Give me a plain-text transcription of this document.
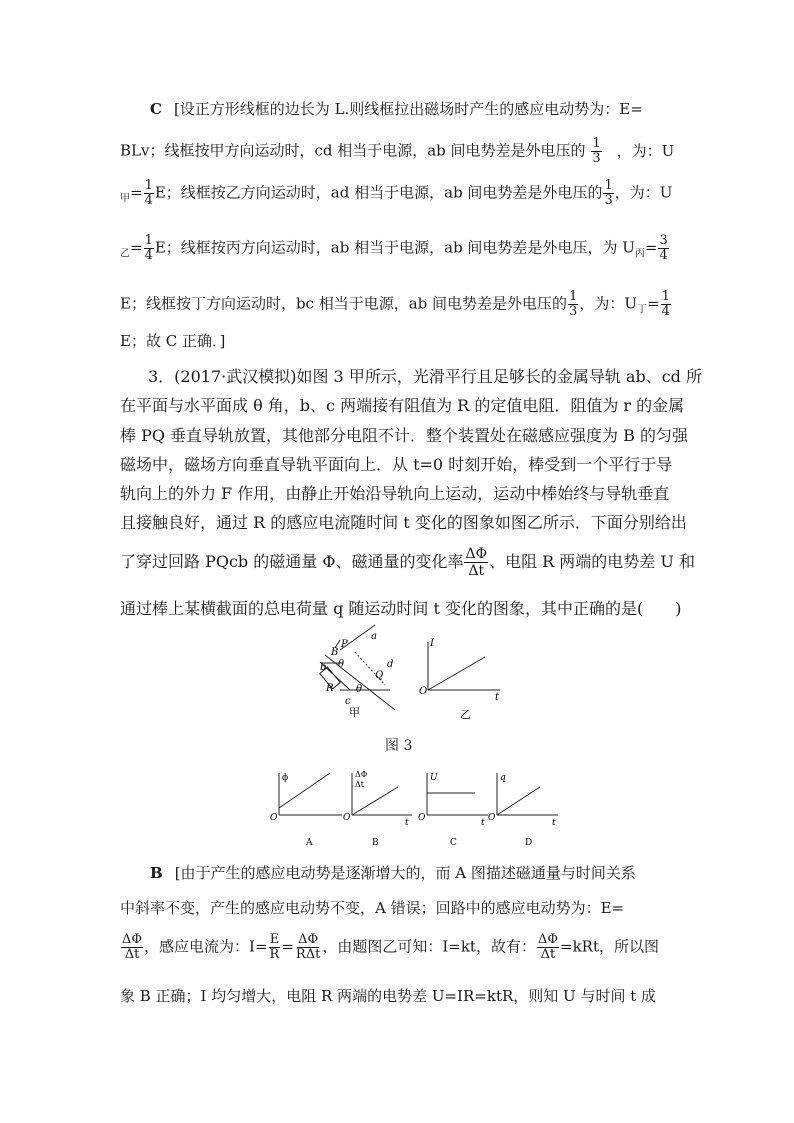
C [设正方形线框的边长为 L.则线框拉出磁场时产生的感应电动势为：E=
BLv；线框按甲方向运动时，cd 相当于电源，ab 间电势差是外电压的 $\frac{1}{3}$ ，为：U
$_甲= \frac{1}{4}$ E；线框按乙方向运动时，ad 相当于电源，ab 间电势差是外电压的 $\frac{1}{3}$ ，为：U
$_乙= \frac{1}{4}$ E；线框按丙方向运动时，ab 相当于电源，ab 间电势差是外电压，为 $U_丙= \frac{3}{4}$
E；线框按丁方向运动时，bc 相当于电源，ab 间电势差是外电压的 $\frac{1}{3}$ ，为：$U_丁= \frac{1}{4}$
E；故 C 正确．]
3．(2017·武汉模拟)如图 3 甲所示，光滑平行且足够长的金属导轨 ab、cd 所
在平面与水平面成 θ 角，b、c 两端接有阻值为 R 的定值电阻．阻值为 r 的金属
棒 PQ 垂直导轨放置，其他部分电阻不计．整个装置处在磁感应强度为 B 的匀强
磁场中，磁场方向垂直导轨平面向上．从 t=0 时刻开始，棒受到一个平行于导
轨向上的外力 F 作用，由静止开始沿导轨向上运动，运动中棒始终与导轨垂直
且接触良好，通过 R 的感应电流随时间 t 变化的图象如图乙所示．下面分别给出
了穿过回路 PQcb 的磁通量 Φ、磁通量的变化率 $\frac{\Delta\Phi}{\Delta t}$ 、电阻 R 两端的电势差 U 和
通过棒上某横截面的总电荷量 q 随运动时间 t 变化的图象，其中正确的是(　　)
B
P
a
b θ	d
Q
R
c
θ
甲
I
O
t
乙
图 3
ϕ
O
A
ΔΦ
Δt
O	t
B
U
O	t
C
q
O	t
D
B [由于产生的感应电动势是逐渐增大的，而 A 图描述磁通量与时间关系
中斜率不变，产生的感应电动势不变，A 错误；回路中的感应电动势为：E=
$\frac{\Delta\Phi}{\Delta t}$ ，感应电流为：$I= \frac{E}{R} = \frac{\Delta\Phi}{\text{RΔt}}$ ，由题图乙可知：I=kt，故有： $\frac{\Delta\Phi}{\Delta t} =kRt$，所以图
象 B 正确；I 均匀增大，电阻 R 两端的电势差 U=IR=ktR，则知 U 与时间 t 成
